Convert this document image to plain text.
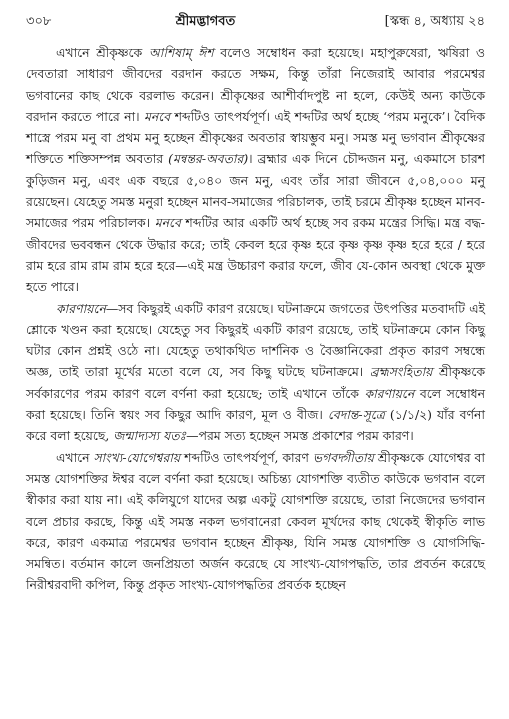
৩০৮	শ্রীমদ্ভাগবত	[স্কন্ধ ৪, অধ্যায় ২৪

এখানে শ্রীকৃষ্ণকে আশিষাম্ ঈশ বলেও সম্বোধন করা হয়েছে। মহাপুরুষেরা, ঋষিরা ও দেবতারা সাধারণ জীবদের বরদান করতে সক্ষম, কিন্তু তাঁরা নিজেরাই আবার পরমেশ্বর ভগবানের কাছ থেকে বরলাভ করেন। শ্রীকৃষ্ণের আশীর্বাদপুষ্ট না হলে, কেউই অন্য কাউকে বরদান করতে পারে না। মনবে শব্দটিও তাৎপর্যপূর্ণ। এই শব্দটির অর্থ হচ্ছে ‘পরম মনুকে’। বৈদিক শাস্ত্রে পরম মনু বা প্রথম মনু হচ্ছেন শ্রীকৃষ্ণের অবতার স্বায়ম্ভুব মনু। সমস্ত মনু ভগবান শ্রীকৃষ্ণের শক্তিতে শক্তিসম্পন্ন অবতার (মন্বন্তর-অবতার)। ব্রহ্মার এক দিনে চৌদ্দজন মনু, একমাসে চারশ কুড়িজন মনু, এবং এক বছরে ৫,০৪০ জন মনু, এবং তাঁর সারা জীবনে ৫,০৪,০০০ মনু রয়েছেন। যেহেতু সমস্ত মনুরা হচ্ছেন মানব-সমাজের পরিচালক, তাই চরমে শ্রীকৃষ্ণ হচ্ছেন মানব-সমাজের পরম পরিচালক। মনবে শব্দটির আর একটি অর্থ হচ্ছে সব রকম মন্ত্রের সিদ্ধি। মন্ত্র বদ্ধ-জীবদের ভববন্ধন থেকে উদ্ধার করে; তাই কেবল হরে কৃষ্ণ হরে কৃষ্ণ কৃষ্ণ কৃষ্ণ হরে হরে / হরে রাম হরে রাম রাম রাম হরে হরে—এই মন্ত্র উচ্চারণ করার ফলে, জীব যে-কোন অবস্থা থেকে মুক্ত হতে পারে।

কারণায়নে—সব কিছুরই একটি কারণ রয়েছে। ঘটনাক্রমে জগতের উৎপত্তির মতবাদটি এই শ্লোকে খণ্ডন করা হয়েছে। যেহেতু সব কিছুরই একটি কারণ রয়েছে, তাই ঘটনাক্রমে কোন কিছু ঘটার কোন প্রশ্নই ওঠে না। যেহেতু তথাকথিত দার্শনিক ও বৈজ্ঞানিকেরা প্রকৃত কারণ সম্বন্ধে অজ্ঞ, তাই তারা মূর্খের মতো বলে যে, সব কিছু ঘটছে ঘটনাক্রমে। ব্রহ্মসংহিতায় শ্রীকৃষ্ণকে সর্বকারণের পরম কারণ বলে বর্ণনা করা হয়েছে; তাই এখানে তাঁকে কারণায়নে বলে সম্বোধন করা হয়েছে। তিনি স্বয়ং সব কিছুর আদি কারণ, মূল ও বীজ। বেদান্ত-সূত্রে (১/১/২) যাঁর বর্ণনা করে বলা হয়েছে, জন্মাদ্যস্য যতঃ—পরম সত্য হচ্ছেন সমস্ত প্রকাশের পরম কারণ।

এখানে সাংখ্য-যোগেশ্বরায় শব্দটিও তাৎপর্যপূর্ণ, কারণ ভগবদ্গীতায় শ্রীকৃষ্ণকে যোগেশ্বর বা সমস্ত যোগশক্তির ঈশ্বর বলে বর্ণনা করা হয়েছে। অচিন্ত্য যোগশক্তি ব্যতীত কাউকে ভগবান বলে স্বীকার করা যায় না। এই কলিযুগে যাদের অল্প একটু যোগশক্তি রয়েছে, তারা নিজেদের ভগবান বলে প্রচার করছে, কিন্তু এই সমস্ত নকল ভগবানেরা কেবল মূর্খদের কাছ থেকেই স্বীকৃতি লাভ করে, কারণ একমাত্র পরমেশ্বর ভগবান হচ্ছেন শ্রীকৃষ্ণ, যিনি সমস্ত যোগশক্তি ও যোগসিদ্ধি-সমন্বিত। বর্তমান কালে জনপ্রিয়তা অর্জন করেছে যে সাংখ্য-যোগপদ্ধতি, তার প্রবর্তন করেছে নিরীশ্বরবাদী কপিল, কিন্তু প্রকৃত সাংখ্য-যোগপদ্ধতির প্রবর্তক হচ্ছেন
